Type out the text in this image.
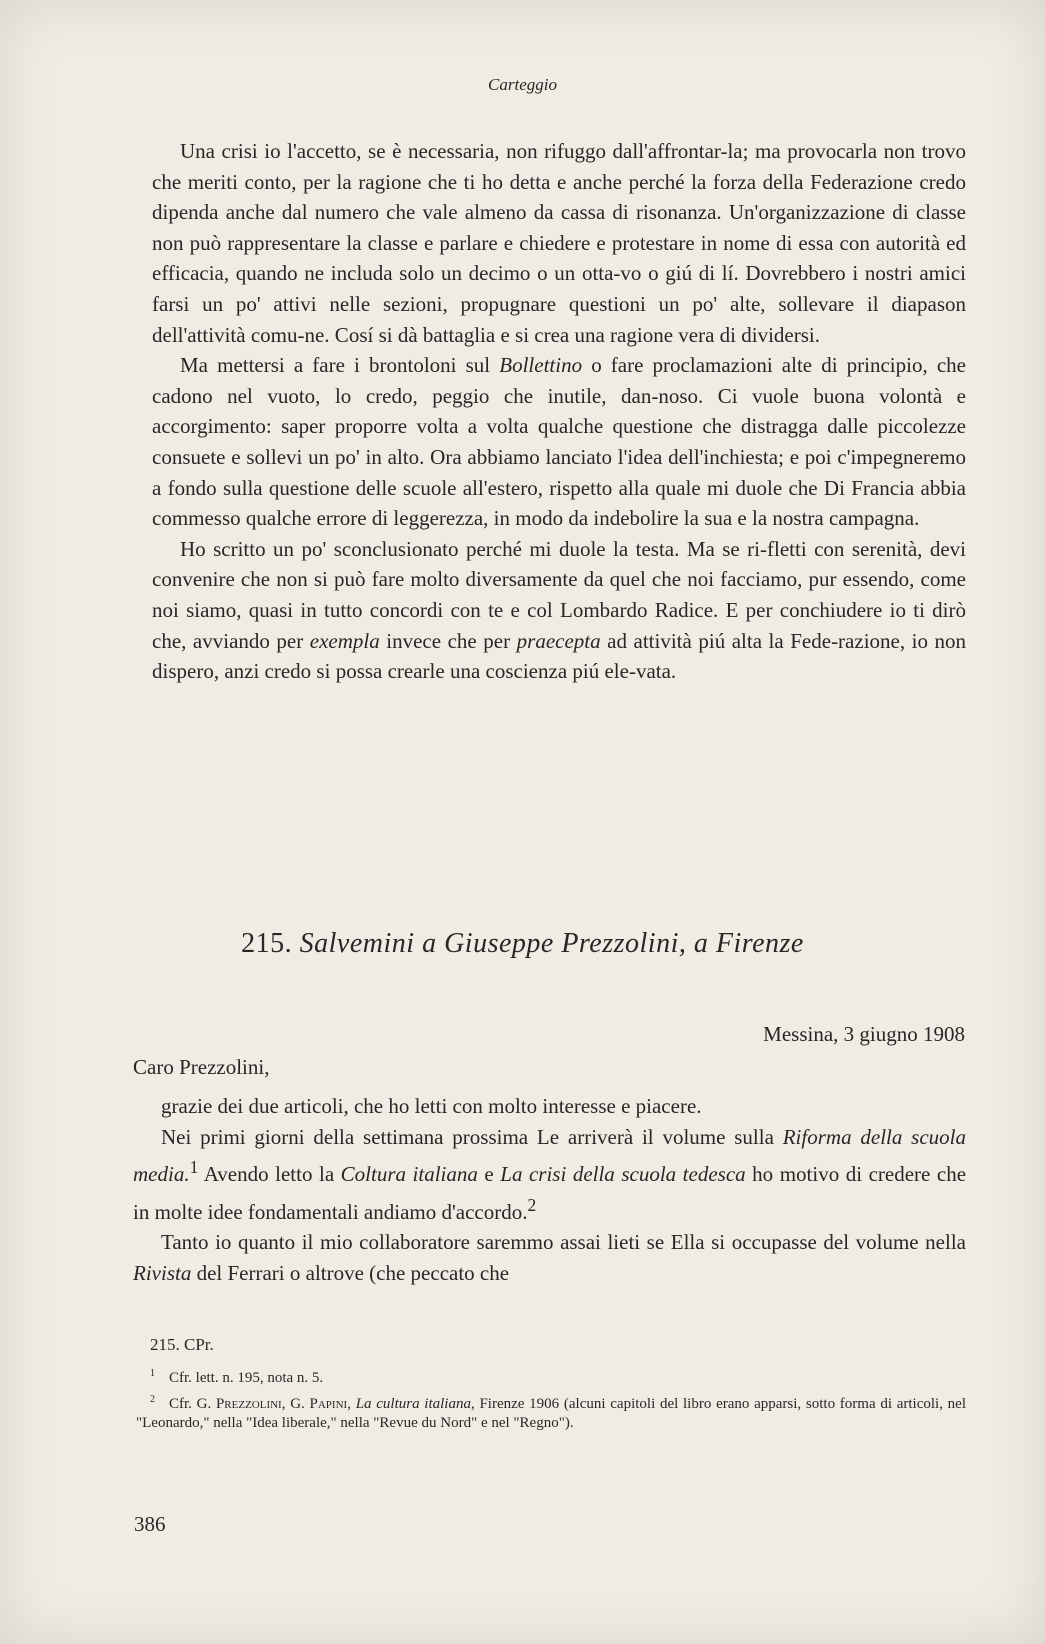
Carteggio

Una crisi io l'accetto, se è necessaria, non rifuggo dall'affrontar-la; ma provocarla non trovo che meriti conto, per la ragione che ti ho detta e anche perché la forza della Federazione credo dipenda anche dal numero che vale almeno da cassa di risonanza. Un'organizzazione di classe non può rappresentare la classe e parlare e chiedere e protestare in nome di essa con autorità ed efficacia, quando ne includa solo un decimo o un otta-vo o giú di lí. Dovrebbero i nostri amici farsi un po' attivi nelle sezioni, propugnare questioni un po' alte, sollevare il diapason dell'attività comu-ne. Cosí si dà battaglia e si crea una ragione vera di dividersi.

Ma mettersi a fare i brontoloni sul Bollettino o fare proclamazioni alte di principio, che cadono nel vuoto, lo credo, peggio che inutile, dan-noso. Ci vuole buona volontà e accorgimento: saper proporre volta a volta qualche questione che distragga dalle piccolezze consuete e sollevi un po' in alto. Ora abbiamo lanciato l'idea dell'inchiesta; e poi c'impegneremo a fondo sulla questione delle scuole all'estero, rispetto alla quale mi duole che Di Francia abbia commesso qualche errore di leggerezza, in modo da indebolire la sua e la nostra campagna.

Ho scritto un po' sconclusionato perché mi duole la testa. Ma se ri-fletti con serenità, devi convenire che non si può fare molto diversamente da quel che noi facciamo, pur essendo, come noi siamo, quasi in tutto concordi con te e col Lombardo Radice. E per conchiudere io ti dirò che, avviando per exempla invece che per praecepta ad attività piú alta la Fede-razione, io non dispero, anzi credo si possa crearle una coscienza piú ele-vata.

215. Salvemini a Giuseppe Prezzolini, a Firenze
Messina, 3 giugno 1908
Caro Prezzolini,

grazie dei due articoli, che ho letti con molto interesse e piacere.

Nei primi giorni della settimana prossima Le arriverà il volume sulla Riforma della scuola media.$^1$ Avendo letto la Coltura italiana e La crisi della scuola tedesca ho motivo di credere che in molte idee fondamentali andiamo d'accordo.$^2$

Tanto io quanto il mio collaboratore saremmo assai lieti se Ella si occupasse del volume nella Rivista del Ferrari o altrove (che peccato che

215. CPr.

$^1$ Cfr. lett. n. 195, nota n. 5.

$^2$ Cfr. G. Prezzolini, G. Papini, La cultura italiana, Firenze 1906 (alcuni capitoli del libro erano apparsi, sotto forma di articoli, nel "Leonardo," nella "Idea liberale," nella "Revue du Nord" e nel "Regno").

386
